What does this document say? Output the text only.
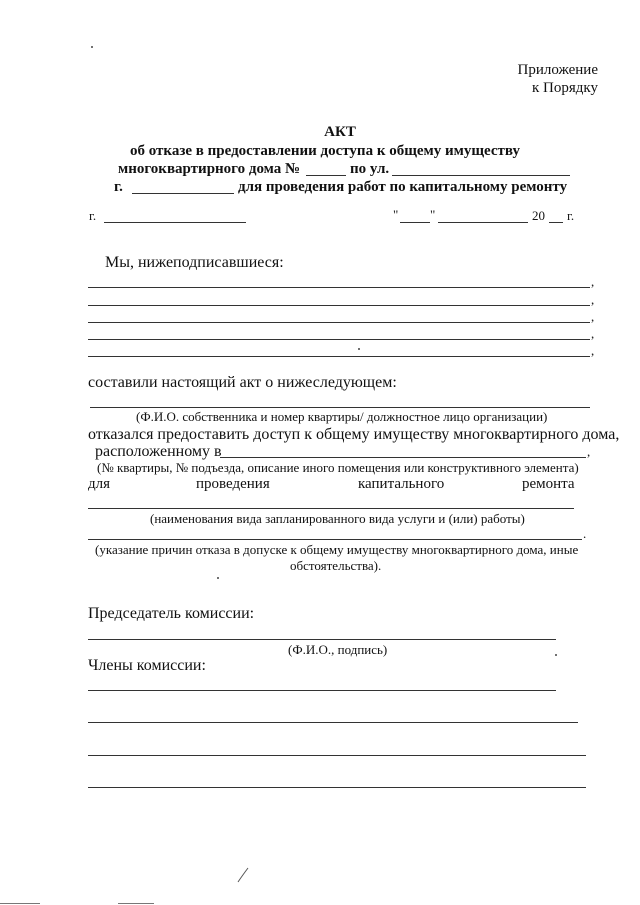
Приложение
к Порядку
АКТ
об отказе в предоставлении доступа к общему имуществу
многоквартирного дома №	по ул.
г.	для проведения работ по капитальному ремонту
г.	" "	20 г.
Мы, нижеподписавшиеся:
,
,
,
,
,
составили настоящий акт о нижеследующем:
(Ф.И.О. собственника и номер квартиры/ должностное лицо организации)
отказался предоставить доступ к общему имуществу многоквартирного дома,
расположенному в	,
(№ квартиры, № подъезда, описание иного помещения или конструктивного элемента)
для	проведения	капитального	ремонта
(наименования вида запланированного вида услуги и (или) работы)
.
(указание причин отказа в допуске к общему имуществу многоквартирного дома, иные
обстоятельства).
Председатель комиссии:
(Ф.И.О., подпись)
Члены комиссии:
